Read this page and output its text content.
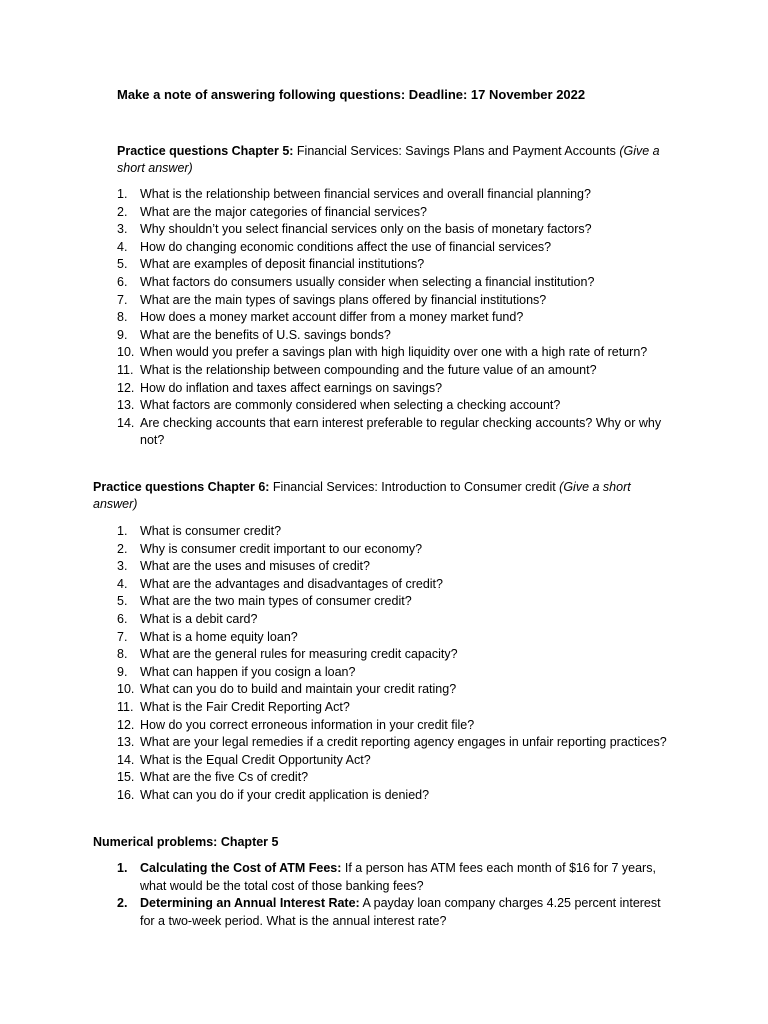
Make a note of answering following questions: Deadline: 17 November 2022

Practice questions Chapter 5: Financial Services: Savings Plans and Payment Accounts (Give a short answer)

1.	What is the relationship between financial services and overall financial planning?
2.	What are the major categories of financial services?
3.	Why shouldn’t you select financial services only on the basis of monetary factors?
4.	How do changing economic conditions affect the use of financial services?
5.	What are examples of deposit financial institutions?
6.	What factors do consumers usually consider when selecting a financial institution?
7.	What are the main types of savings plans offered by financial institutions?
8.	How does a money market account differ from a money market fund?
9.	What are the benefits of U.S. savings bonds?
10. When would you prefer a savings plan with high liquidity over one with a high rate of return?
11. What is the relationship between compounding and the future value of an amount?
12. How do inflation and taxes affect earnings on savings?
13. What factors are commonly considered when selecting a checking account?
14. Are checking accounts that earn interest preferable to regular checking accounts? Why or why not?

Practice questions Chapter 6: Financial Services: Introduction to Consumer credit (Give a short answer)

1.	What is consumer credit?
2.	Why is consumer credit important to our economy?
3.	What are the uses and misuses of credit?
4.	What are the advantages and disadvantages of credit?
5.	What are the two main types of consumer credit?
6.	What is a debit card?
7.	What is a home equity loan?
8.	What are the general rules for measuring credit capacity?
9.	What can happen if you cosign a loan?
10. What can you do to build and maintain your credit rating?
11. What is the Fair Credit Reporting Act?
12. How do you correct erroneous information in your credit file?
13. What are your legal remedies if a credit reporting agency engages in unfair reporting practices?
14. What is the Equal Credit Opportunity Act?
15. What are the five Cs of credit?
16. What can you do if your credit application is denied?

Numerical problems: Chapter 5

1.	Calculating the Cost of ATM Fees: If a person has ATM fees each month of $16 for 7 years, what would be the total cost of those banking fees?
2.	Determining an Annual Interest Rate: A payday loan company charges 4.25 percent interest for a two-week period. What is the annual interest rate?
